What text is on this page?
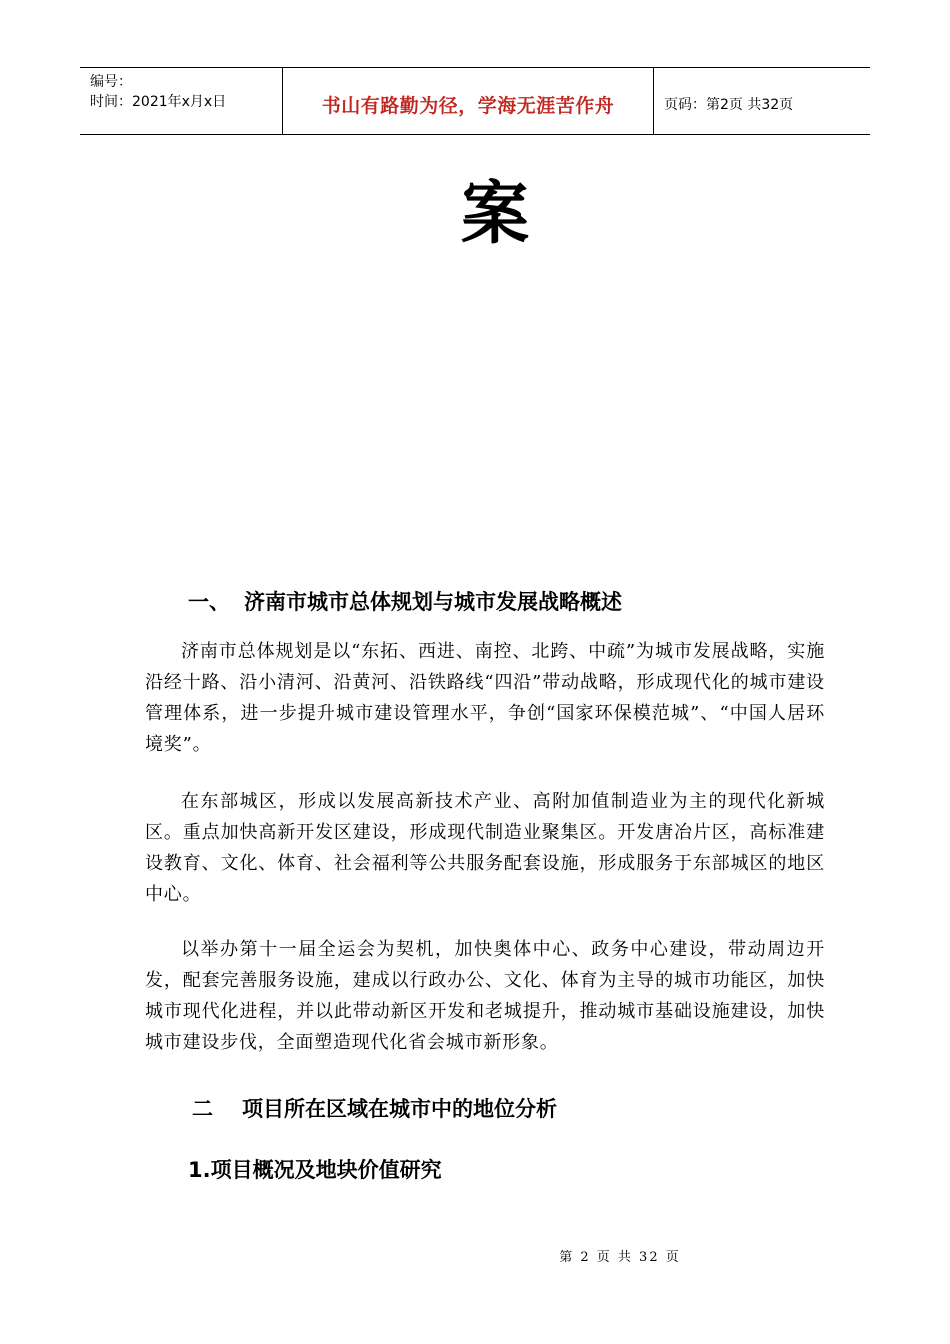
编号：
时间：2021年x月x日	书山有路勤为径，学海无涯苦作舟	页码：第2页 共32页
案
一、 济南市城市总体规划与城市发展战略概述
济南市总体规划是以“东拓、西进、南控、北跨、中疏”为城市发展战略，实施沿经十路、沿小清河、沿黄河、沿铁路线“四沿”带动战略，形成现代化的城市建设管理体系，进一步提升城市建设管理水平，争创“国家环保模范城”、“中国人居环境奖”。
在东部城区，形成以发展高新技术产业、高附加值制造业为主的现代化新城区。重点加快高新开发区建设，形成现代制造业聚集区。开发唐冶片区，高标准建设教育、文化、体育、社会福利等公共服务配套设施，形成服务于东部城区的地区中心。
以举办第十一届全运会为契机，加快奥体中心、政务中心建设，带动周边开发，配套完善服务设施，建成以行政办公、文化、体育为主导的城市功能区，加快城市现代化进程，并以此带动新区开发和老城提升，推动城市基础设施建设，加快城市建设步伐，全面塑造现代化省会城市新形象。
二 项目所在区域在城市中的地位分析
1.项目概况及地块价值研究
第 2 页 共 32 页
